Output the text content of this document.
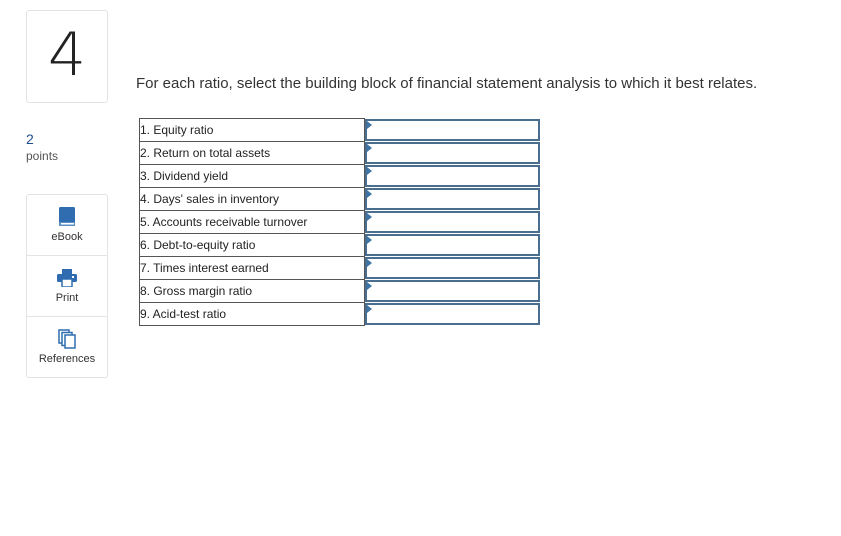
4
2
points
eBook
Print
References
For each ratio, select the building block of financial statement analysis to which it best relates.
1. Equity ratio	

2. Return on total assets	

3. Dividend yield	

4. Days' sales in inventory	

5. Accounts receivable turnover	

6. Debt-to-equity ratio	

7. Times interest earned	

8. Gross margin ratio	

9. Acid-test ratio	
